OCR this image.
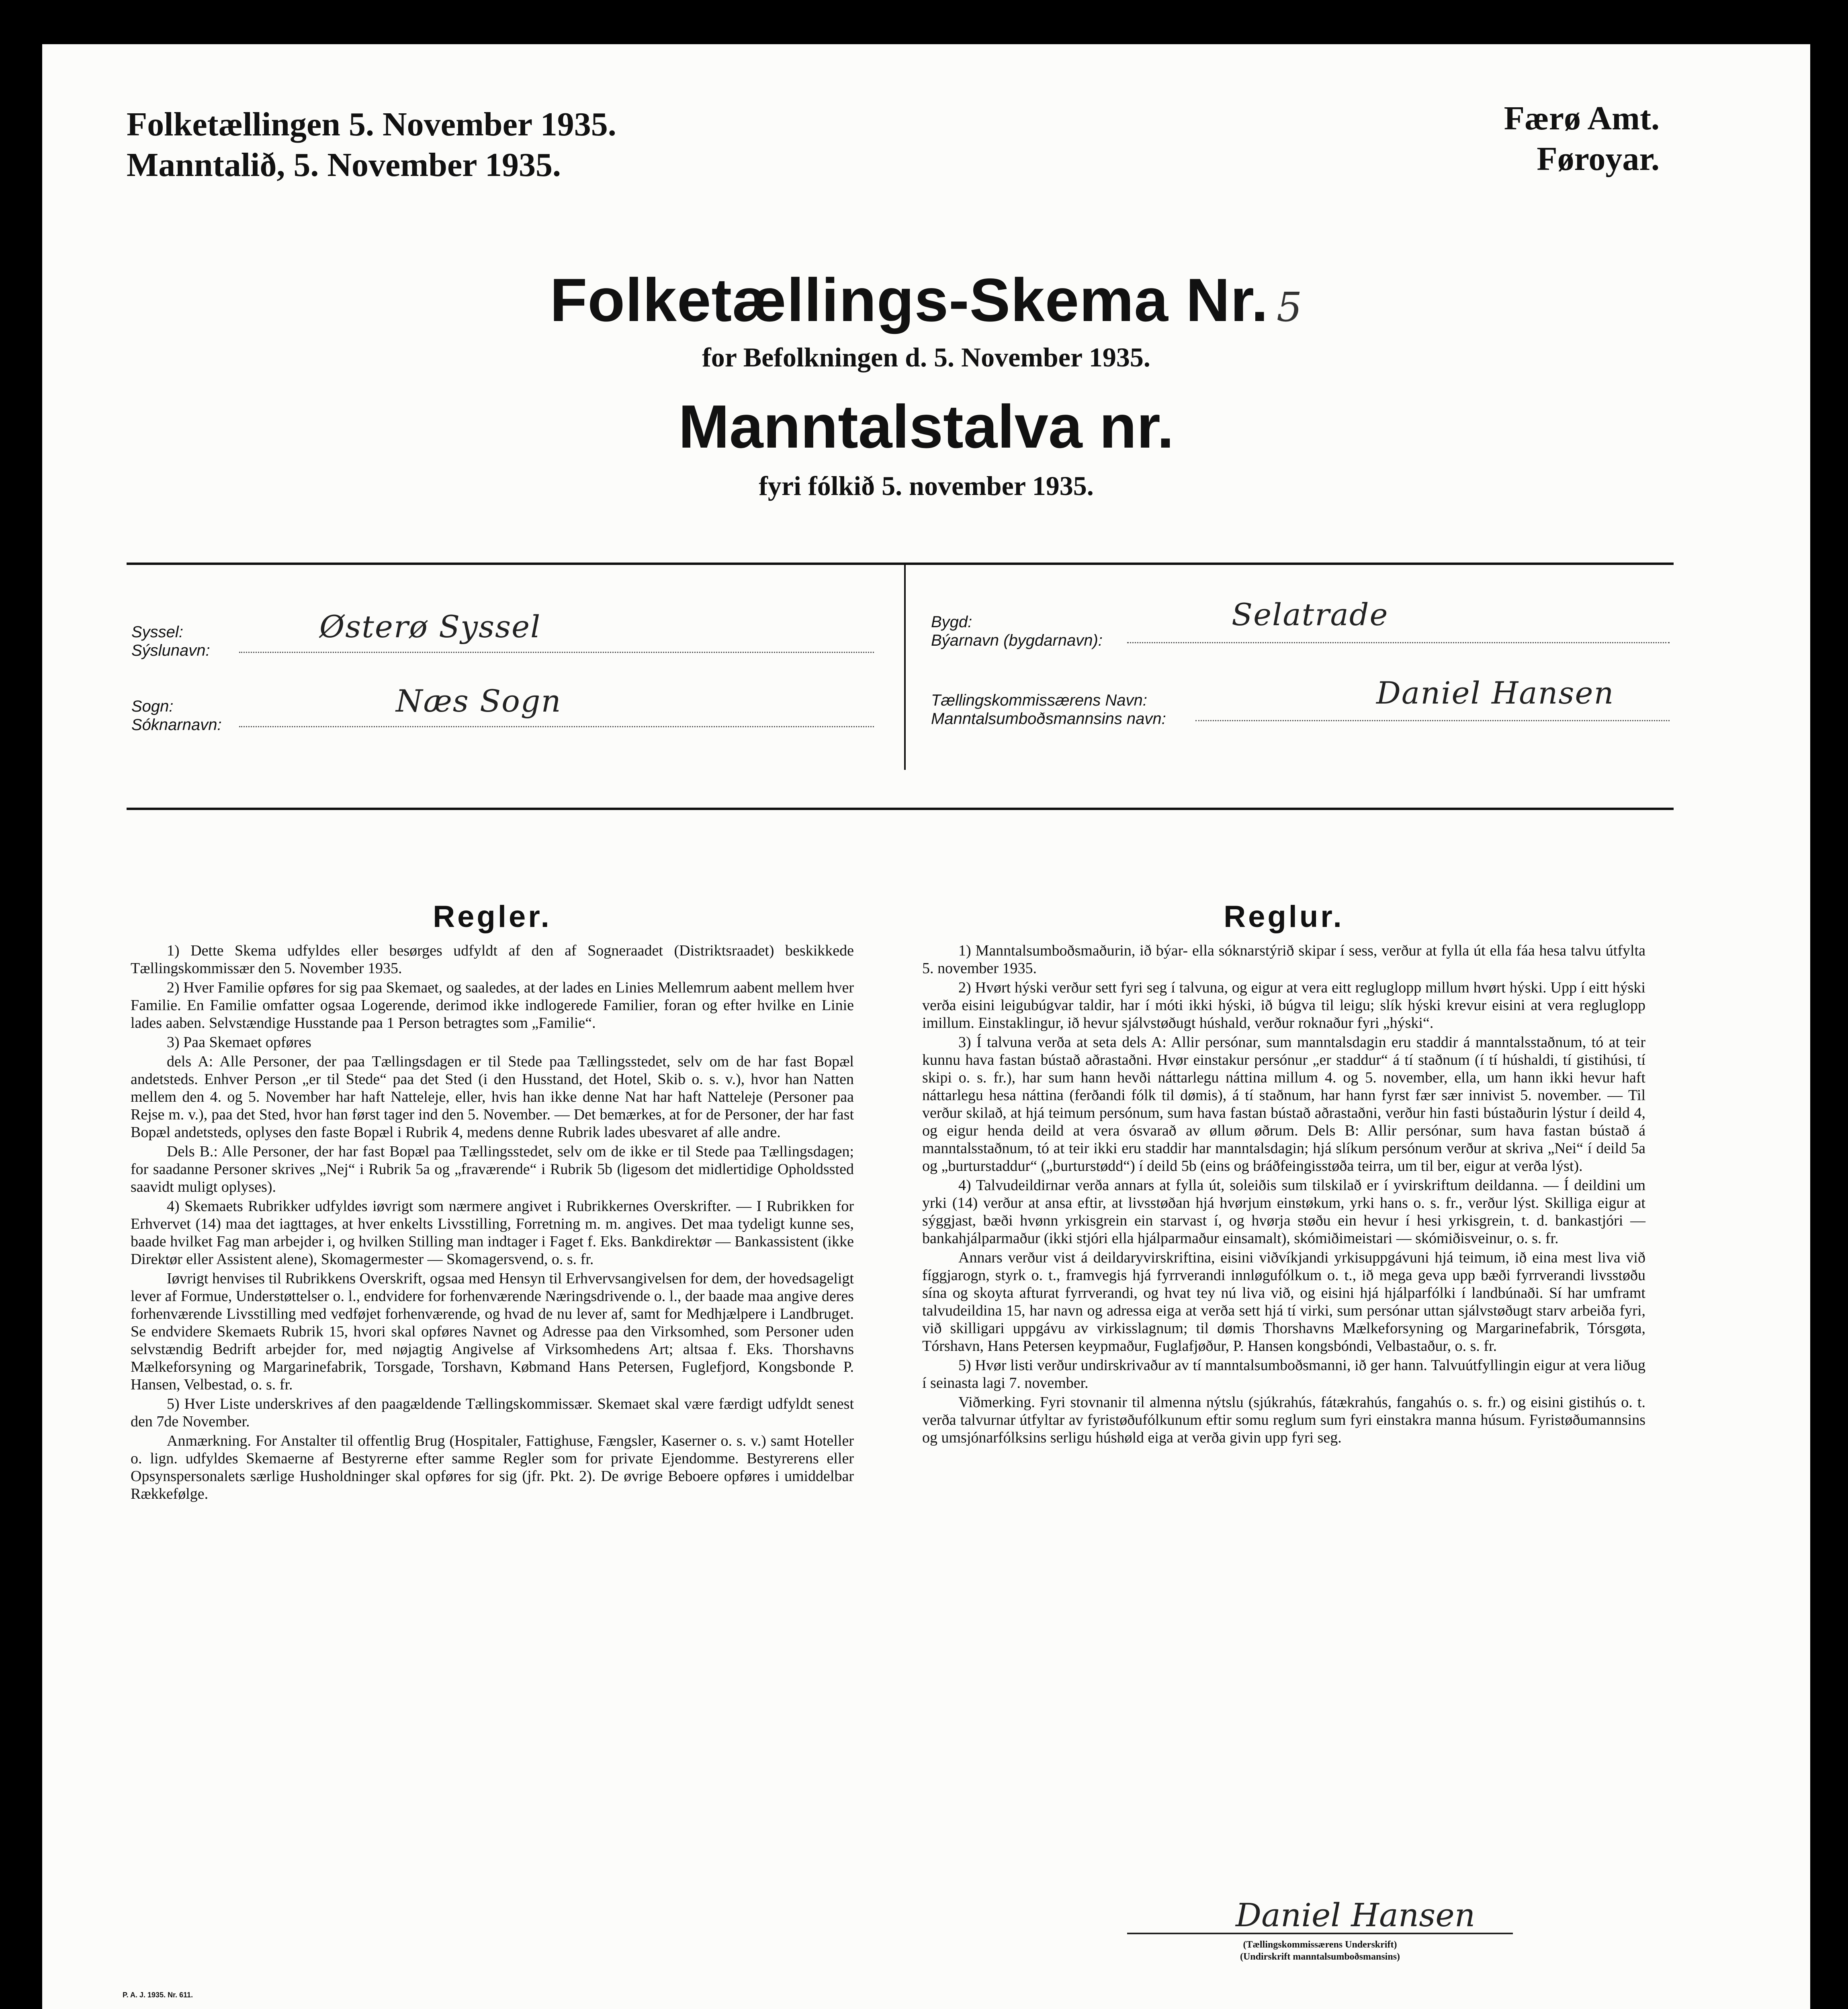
Folketællingen 5. November 1935.
Manntalið, 5. November 1935.
Færø Amt.
Føroyar.
Folketællings-Skema Nr. 5
for Befolkningen d. 5. November 1935.
Manntalstalva nr.
fyri fólkið 5. november 1935.
Syssel:
Sýslunavn:
Østerø Syssel
Sogn:
Sóknarnavn:
Næs Sogn
Bygd:
Býarnavn (bygdarnavn):
Selatrade
Tællingskommissærens Navn:
Manntalsumboðsmannsins navn:
Daniel Hansen
Regler.

1) Dette Skema udfyldes eller besørges udfyldt af den af Sogneraadet (Distriktsraadet) beskikkede Tællingskommissær den 5. November 1935.

2) Hver Familie opføres for sig paa Skemaet, og saaledes, at der lades en Linies Mellemrum aabent mellem hver Familie. En Familie omfatter ogsaa Logerende, derimod ikke indlogerede Familier, foran og efter hvilke en Linie lades aaben. Selvstændige Husstande paa 1 Person betragtes som „Familie“.

3) Paa Skemaet opføres

dels A: Alle Personer, der paa Tællingsdagen er til Stede paa Tællingsstedet, selv om de har fast Bopæl andetsteds. Enhver Person „er til Stede“ paa det Sted (i den Husstand, det Hotel, Skib o. s. v.), hvor han Natten mellem den 4. og 5. November har haft Natteleje, eller, hvis han ikke denne Nat har haft Natteleje (Personer paa Rejse m. v.), paa det Sted, hvor han først tager ind den 5. November. — Det bemærkes, at for de Personer, der har fast Bopæl andetsteds, oplyses den faste Bopæl i Rubrik 4, medens denne Rubrik lades ubesvaret af alle andre.

Dels B.: Alle Personer, der har fast Bopæl paa Tællingsstedet, selv om de ikke er til Stede paa Tællingsdagen; for saadanne Personer skrives „Nej“ i Rubrik 5a og „fraværende“ i Rubrik 5b (ligesom det midlertidige Opholdssted saavidt muligt oplyses).

4) Skemaets Rubrikker udfyldes iøvrigt som nærmere angivet i Rubrikkernes Overskrifter. — I Rubrikken for Erhvervet (14) maa det iagttages, at hver enkelts Livsstilling, Forretning m. m. angives. Det maa tydeligt kunne ses, baade hvilket Fag man arbejder i, og hvilken Stilling man indtager i Faget f. Eks. Bankdirektør — Bankassistent (ikke Direktør eller Assistent alene), Skomagermester — Skomagersvend, o. s. fr.

Iøvrigt henvises til Rubrikkens Overskrift, ogsaa med Hensyn til Erhvervsangivelsen for dem, der hovedsageligt lever af Formue, Understøttelser o. l., endvidere for forhenværende Næringsdrivende o. l., der baade maa angive deres forhenværende Livsstilling med vedføjet forhenværende, og hvad de nu lever af, samt for Medhjælpere i Landbruget. Se endvidere Skemaets Rubrik 15, hvori skal opføres Navnet og Adresse paa den Virksomhed, som Personer uden selvstændig Bedrift arbejder for, med nøjagtig Angivelse af Virksomhedens Art; altsaa f. Eks. Thorshavns Mælkeforsyning og Margarinefabrik, Torsgade, Torshavn, Købmand Hans Petersen, Fuglefjord, Kongsbonde P. Hansen, Velbestad, o. s. fr.

5) Hver Liste underskrives af den paagældende Tællingskommissær. Skemaet skal være færdigt udfyldt senest den 7de November.

Anmærkning. For Anstalter til offentlig Brug (Hospitaler, Fattighuse, Fængsler, Kaserner o. s. v.) samt Hoteller o. lign. udfyldes Skemaerne af Bestyrerne efter samme Regler som for private Ejendomme. Bestyrerens eller Opsynspersonalets særlige Husholdninger skal opføres for sig (jfr. Pkt. 2). De øvrige Beboere opføres i umiddelbar Rækkefølge.

Reglur.

1) Manntalsumboðsmaðurin, ið býar- ella sóknarstýrið skipar í sess, verður at fylla út ella fáa hesa talvu útfylta 5. november 1935.

2) Hvørt hýski verður sett fyri seg í talvuna, og eigur at vera eitt regluglopp millum hvørt hýski. Upp í eitt hýski verða eisini leigubúgvar taldir, har í móti ikki hýski, ið búgva til leigu; slík hýski krevur eisini at vera regluglopp imillum. Einstaklingur, ið hevur sjálvstøðugt húshald, verður roknaður fyri „hýski“.

3) Í talvuna verða at seta dels A: Allir persónar, sum manntalsdagin eru staddir á manntalsstaðnum, tó at teir kunnu hava fastan bústað aðrastaðni. Hvør einstakur persónur „er staddur“ á tí staðnum (í tí húshaldi, tí gistihúsi, tí skipi o. s. fr.), har sum hann hevði náttarlegu náttina millum 4. og 5. november, ella, um hann ikki hevur haft náttarlegu hesa náttina (ferðandi fólk til dømis), á tí staðnum, har hann fyrst fær sær innivist 5. november. — Til verður skilað, at hjá teimum persónum, sum hava fastan bústað aðrastaðni, verður hin fasti bústaðurin lýstur í deild 4, og eigur henda deild at vera ósvarað av øllum øðrum. Dels B: Allir persónar, sum hava fastan bústað á manntalsstaðnum, tó at teir ikki eru staddir har manntalsdagin; hjá slíkum persónum verður at skriva „Nei“ í deild 5a og „burturstaddur“ („burturstødd“) í deild 5b (eins og bráðfeingisstøða teirra, um til ber, eigur at verða lýst).

4) Talvudeildirnar verða annars at fylla út, soleiðis sum tilskilað er í yvirskriftum deildanna. — Í deildini um yrki (14) verður at ansa eftir, at livsstøðan hjá hvørjum einstøkum, yrki hans o. s. fr., verður lýst. Skilliga eigur at sýggjast, bæði hvønn yrkisgrein ein starvast í, og hvørja støðu ein hevur í hesi yrkisgrein, t. d. bankastjóri — bankahjálparmaður (ikki stjóri ella hjálparmaður einsamalt), skómiðimeistari — skómiðisveinur, o. s. fr.

Annars verður vist á deildaryvirskriftina, eisini viðvíkjandi yrkisuppgávuni hjá teimum, ið eina mest liva við fíggjarogn, styrk o. t., framvegis hjá fyrrverandi innløgufólkum o. t., ið mega geva upp bæði fyrrverandi livsstøðu sína og skoyta afturat fyrrverandi, og hvat tey nú liva við, og eisini hjá hjálparfólki í landbúnaði. Sí har umframt talvudeildina 15, har navn og adressa eiga at verða sett hjá tí virki, sum persónar uttan sjálvstøðugt starv arbeiða fyri, við skilligari uppgávu av virkisslagnum; til dømis Thorshavns Mælkeforsyning og Margarinefabrik, Tórsgøta, Tórshavn, Hans Petersen keypmaður, Fuglafjøður, P. Hansen kongsbóndi, Velbastaður, o. s. fr.

5) Hvør listi verður undirskrivaður av tí manntalsumboðsmanni, ið ger hann. Talvuútfyllingin eigur at vera liðug í seinasta lagi 7. november.

Viðmerking. Fyri stovnanir til almenna nýtslu (sjúkrahús, fátækrahús, fangahús o. s. fr.) og eisini gistihús o. t. verða talvurnar útfyltar av fyristøðufólkunum eftir somu reglum sum fyri einstakra manna húsum. Fyristøðumannsins og umsjónarfólksins serligu húshøld eiga at verða givin upp fyri seg.

Daniel Hansen
(Tællingskommissærens Underskrift)
(Undirskrift manntalsumboðsmansins)
P. A. J. 1935. Nr. 611.
